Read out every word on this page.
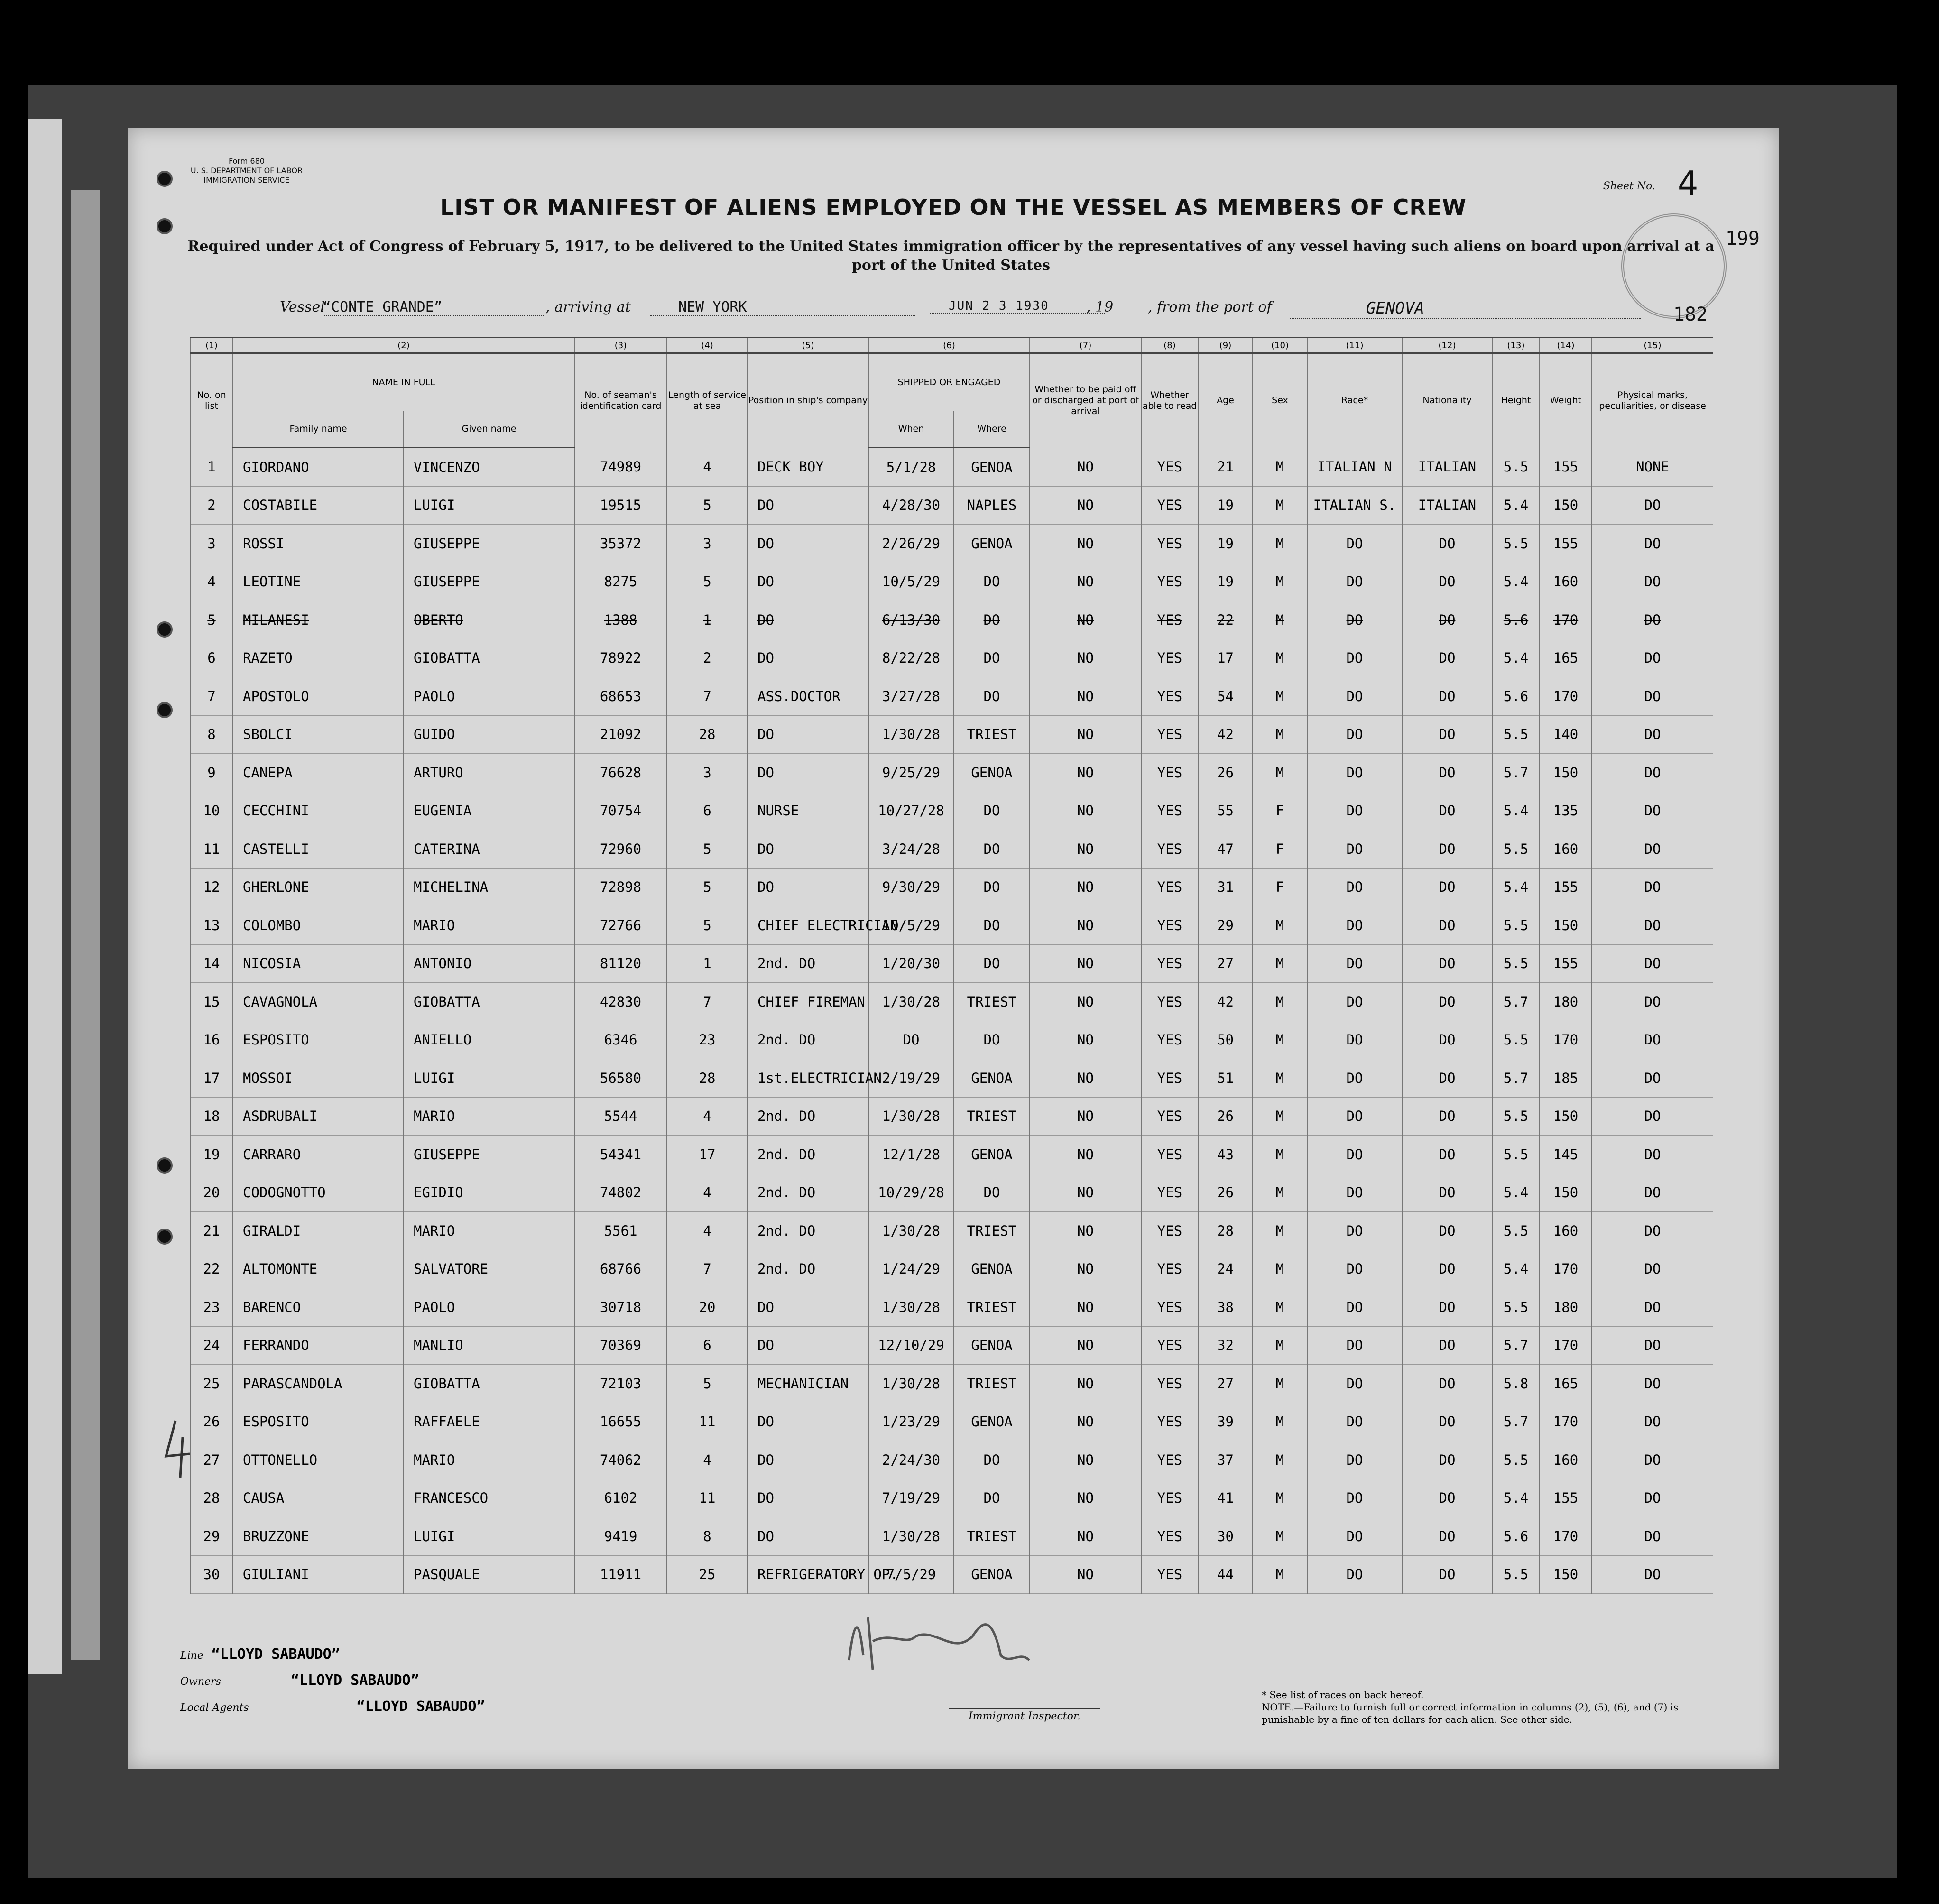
Form 680
U. S. DEPARTMENT OF LABOR
IMMIGRATION SERVICE
Sheet No. 4
199
182
LIST OR MANIFEST OF ALIENS EMPLOYED ON THE VESSEL AS MEMBERS OF CREW
Required under Act of Congress of February 5, 1917, to be delivered to the United States immigration officer by the representatives of any vessel having such aliens on board upon arrival at a port of the United States
Vessel
“CONTE GRANDE”	, arriving at	NEW YORK	JUN 2 3 1930	, 19 , from the port of	GENOVA
(1)	(2)		(3)	(4)	(5)	(6)		(7)	(8)	(9)	(10)	(11)	(12)	(13)	(14)	(15)
No. on list	NAME IN FULL		No. of seaman's identification card	Length of service at sea	Position in ship's company	SHIPPED OR ENGAGED		Whether to be paid off or discharged at port of arrival	Whether able to read	Age	Sex	Race*	Nationality	Height	Weight	Physical marks, peculiarities, or disease
	Family name	Given name				When	Where									
1	GIORDANO	VINCENZO	74989	4	DECK BOY	5/1/28	GENOA	NO	YES	21	M	ITALIAN N	ITALIAN	5.5	155	NONE
2	COSTABILE	LUIGI	19515	5	DO	4/28/30	NAPLES	NO	YES	19	M	ITALIAN S.	ITALIAN	5.4	150	DO
3	ROSSI	GIUSEPPE	35372	3	DO	2/26/29	GENOA	NO	YES	19	M	DO	DO	5.5	155	DO
4	LEOTINE	GIUSEPPE	8275	5	DO	10/5/29	DO	NO	YES	19	M	DO	DO	5.4	160	DO
5	MILANESI	OBERTO	1388	1	DO	6/13/30	DO	NO	YES	22	M	DO	DO	5.6	170	DO
6	RAZETO	GIOBATTA	78922	2	DO	8/22/28	DO	NO	YES	17	M	DO	DO	5.4	165	DO
7	APOSTOLO	PAOLO	68653	7	ASS.DOCTOR	3/27/28	DO	NO	YES	54	M	DO	DO	5.6	170	DO
8	SBOLCI	GUIDO	21092	28	DO	1/30/28	TRIEST	NO	YES	42	M	DO	DO	5.5	140	DO
9	CANEPA	ARTURO	76628	3	DO	9/25/29	GENOA	NO	YES	26	M	DO	DO	5.7	150	DO
10	CECCHINI	EUGENIA	70754	6	NURSE	10/27/28	DO	NO	YES	55	F	DO	DO	5.4	135	DO
11	CASTELLI	CATERINA	72960	5	DO	3/24/28	DO	NO	YES	47	F	DO	DO	5.5	160	DO
12	GHERLONE	MICHELINA	72898	5	DO	9/30/29	DO	NO	YES	31	F	DO	DO	5.4	155	DO
13	COLOMBO	MARIO	72766	5	CHIEF ELECTRICIAN	10/5/29	DO	NO	YES	29	M	DO	DO	5.5	150	DO
14	NICOSIA	ANTONIO	81120	1	2nd. DO	1/20/30	DO	NO	YES	27	M	DO	DO	5.5	155	DO
15	CAVAGNOLA	GIOBATTA	42830	7	CHIEF FIREMAN	1/30/28	TRIEST	NO	YES	42	M	DO	DO	5.7	180	DO
16	ESPOSITO	ANIELLO	6346	23	2nd. DO	DO	DO	NO	YES	50	M	DO	DO	5.5	170	DO
17	MOSSOI	LUIGI	56580	28	1st.ELECTRICIAN	2/19/29	GENOA	NO	YES	51	M	DO	DO	5.7	185	DO
18	ASDRUBALI	MARIO	5544	4	2nd. DO	1/30/28	TRIEST	NO	YES	26	M	DO	DO	5.5	150	DO
19	CARRARO	GIUSEPPE	54341	17	2nd. DO	12/1/28	GENOA	NO	YES	43	M	DO	DO	5.5	145	DO
20	CODOGNOTTO	EGIDIO	74802	4	2nd. DO	10/29/28	DO	NO	YES	26	M	DO	DO	5.4	150	DO
21	GIRALDI	MARIO	5561	4	2nd. DO	1/30/28	TRIEST	NO	YES	28	M	DO	DO	5.5	160	DO
22	ALTOMONTE	SALVATORE	68766	7	2nd. DO	1/24/29	GENOA	NO	YES	24	M	DO	DO	5.4	170	DO
23	BARENCO	PAOLO	30718	20	DO	1/30/28	TRIEST	NO	YES	38	M	DO	DO	5.5	180	DO
24	FERRANDO	MANLIO	70369	6	DO	12/10/29	GENOA	NO	YES	32	M	DO	DO	5.7	170	DO
25	PARASCANDOLA	GIOBATTA	72103	5	MECHANICIAN	1/30/28	TRIEST	NO	YES	27	M	DO	DO	5.8	165	DO
26	ESPOSITO	RAFFAELE	16655	11	DO	1/23/29	GENOA	NO	YES	39	M	DO	DO	5.7	170	DO
27	OTTONELLO	MARIO	74062	4	DO	2/24/30	DO	NO	YES	37	M	DO	DO	5.5	160	DO
28	CAUSA	FRANCESCO	6102	11	DO	7/19/29	DO	NO	YES	41	M	DO	DO	5.4	155	DO
29	BRUZZONE	LUIGI	9419	8	DO	1/30/28	TRIEST	NO	YES	30	M	DO	DO	5.6	170	DO
30	GIULIANI	PASQUALE	11911	25	REFRIGERATORY OP.	7/5/29	GENOA	NO	YES	44	M	DO	DO	5.5	150	DO
Line “LLOYD SABAUDO”
Owners	“LLOYD SABAUDO”
Local Agents	“LLOYD SABAUDO”
Immigrant Inspector.
* See list of races on back hereof.
NOTE.—Failure to furnish full or correct information in columns (2), (5), (6), and (7) is punishable by a fine of ten dollars for each alien. See other side.
